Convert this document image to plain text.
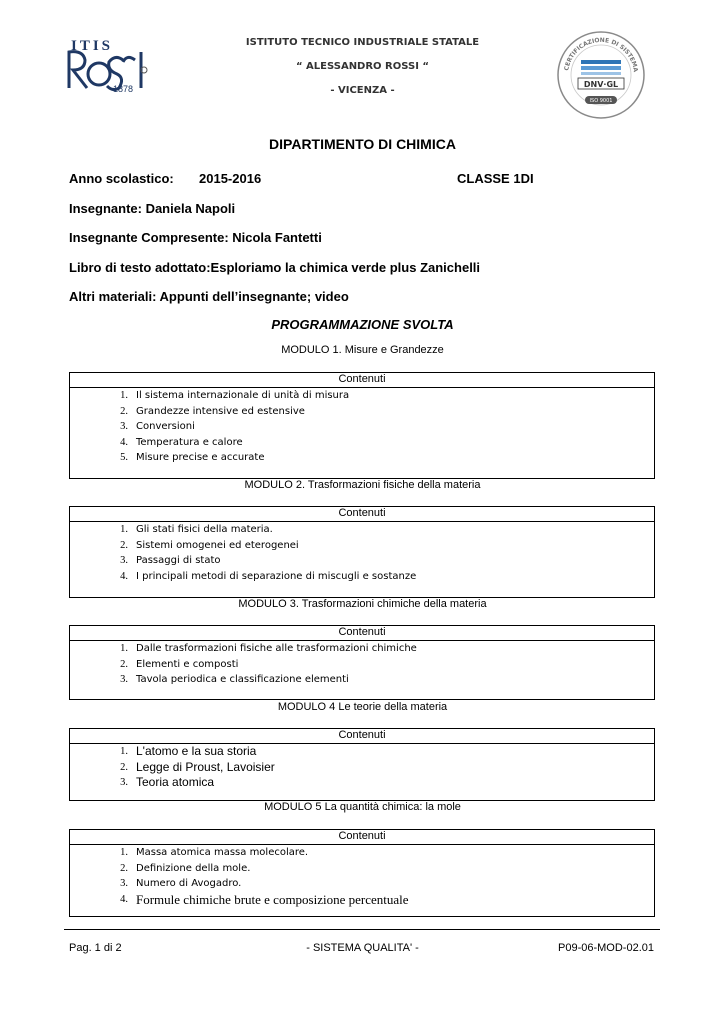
ITIS
1878
ISTITUTO TECNICO INDUSTRIALE STATALE
“ ALESSANDRO ROSSI “
- VICENZA -
CERTIFICAZIONE DI SISTEMA
DNV·GL
ISO 9001
DIPARTIMENTO DI CHIMICA
Anno scolastico: 2015-2016	CLASSE 1DI
Insegnante: Daniela Napoli
Insegnante Compresente: Nicola Fantetti
Libro di testo adottato:Esploriamo la chimica verde plus Zanichelli
Altri materiali: Appunti dell’insegnante; video
PROGRAMMAZIONE SVOLTA
MODULO 1. Misure e Grandezze
Contenuti
1. Il sistema internazionale di unità di misura
2. Grandezze intensive ed estensive
3. Conversioni
4. Temperatura e calore
5. Misure precise e accurate
MODULO 2. Trasformazioni fisiche della materia
Contenuti
1. Gli stati fisici della materia.
2. Sistemi omogenei ed eterogenei
3. Passaggi di stato
4. I principali metodi di separazione di miscugli e sostanze
MODULO 3. Trasformazioni chimiche della materia
Contenuti
1. Dalle trasformazioni fisiche alle trasformazioni chimiche
2. Elementi e composti
3. Tavola periodica e classificazione elementi
MODULO 4 Le teorie della materia
Contenuti
1. L'atomo e la sua storia
2. Legge di Proust, Lavoisier
3. Teoria atomica
MODULO 5 La quantità chimica: la mole
Contenuti
1. Massa atomica massa molecolare.
2. Definizione della mole.
3. Numero di Avogadro.
4. Formule chimiche brute e composizione percentuale
Pag. 1 di 2	- SISTEMA QUALITA' -	P09-06-MOD-02.01
